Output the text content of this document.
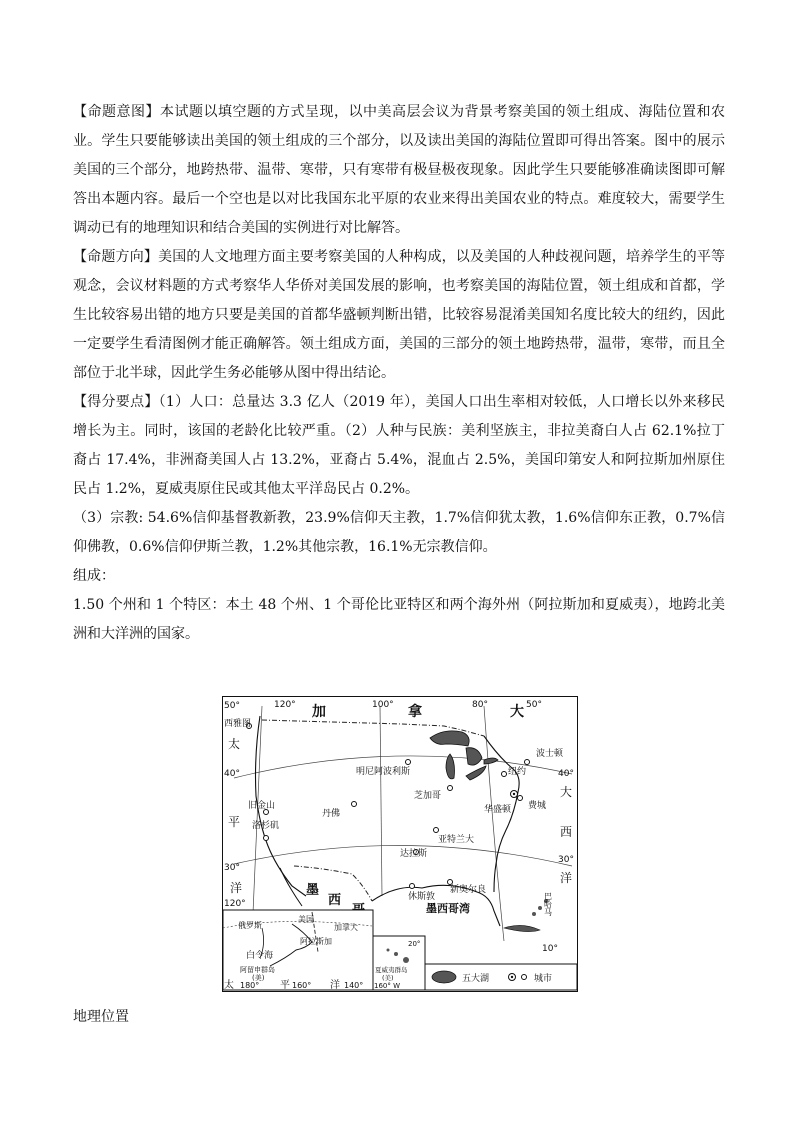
【命题意图】本试题以填空题的方式呈现，以中美高层会议为背景考察美国的领土组成、海陆位置和农业。学生只要能够读出美国的领土组成的三个部分，以及读出美国的海陆位置即可得出答案。图中的展示美国的三个部分，地跨热带、温带、寒带，只有寒带有极昼极夜现象。因此学生只要能够准确读图即可解答出本题内容。最后一个空也是以对比我国东北平原的农业来得出美国农业的特点。难度较大，需要学生调动已有的地理知识和结合美国的实例进行对比解答。

【命题方向】美国的人文地理方面主要考察美国的人种构成，以及美国的人种歧视问题，培养学生的平等观念，会议材料题的方式考察华人华侨对美国发展的影响，也考察美国的海陆位置，领土组成和首都，学生比较容易出错的地方只要是美国的首都华盛顿判断出错，比较容易混淆美国知名度比较大的纽约，因此一定要学生看清图例才能正确解答。领土组成方面，美国的三部分的领土地跨热带，温带，寒带，而且全部位于北半球，因此学生务必能够从图中得出结论。

【得分要点】（1）人口：总量达 3.3 亿人（2019 年），美国人口出生率相对较低，人口增长以外来移民增长为主。同时，该国的老龄化比较严重。（2）人种与民族：美利坚族主，非拉美裔白人占 62.1%拉丁裔占 17.4%，非洲裔美国人占 13.2%，亚裔占 5.4%，混血占 2.5%，美国印第安人和阿拉斯加州原住民占 1.2%，夏威夷原住民或其他太平洋岛民占 0.2%。

（3）宗教: 54.6%信仰基督教新教，23.9%信仰天主教，1.7%信仰犹太教，1.6%信仰东正教，0.7%信仰佛教，0.6%信仰伊斯兰教，1.2%其他宗教，16.1%无宗教信仰。

组成：

1.50 个州和 1 个特区：本土 48 个州、1 个哥伦比亚特区和两个海外州（阿拉斯加和夏威夷），地跨北美洲和大洋洲的国家。

50°	120°	100°	80°	50°
40°
30°
120°
40°
30°
10°
加	拿	大
太
平
洋
大
西
洋
墨
西
西雅图
明尼阿波利斯
波士顿
纽约
芝加哥
费城
华盛顿
旧金山
丹佛
洛杉矶
亚特兰大
达拉斯
休斯敦
新奥尔良
墨西哥湾	巴哈马
俄罗斯
美国
加拿大
阿拉斯加
白令海
阿留申群岛
(美)
太 180° 平 160° 洋 140°
20°
夏威夷群岛
(美)
160° W
五大湖	城市
地理位置
